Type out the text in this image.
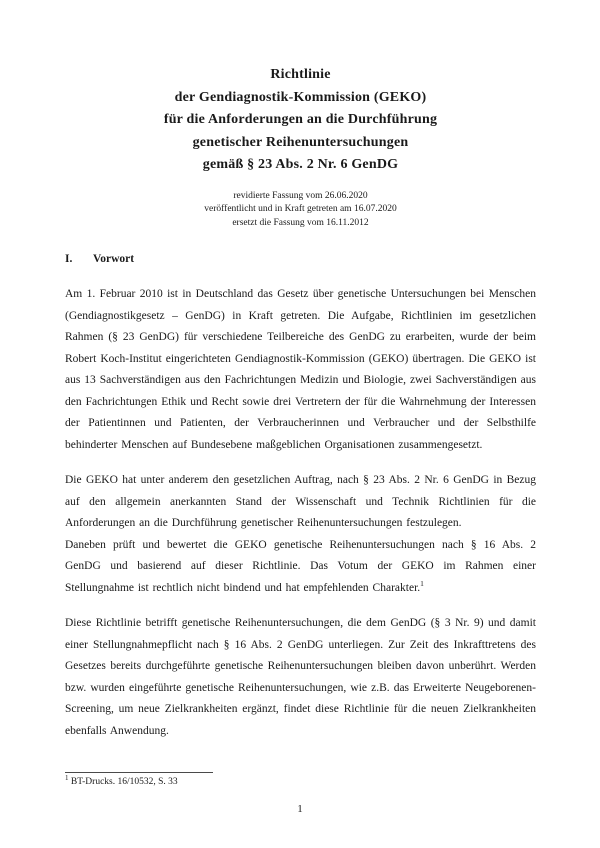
Richtlinie
der Gendiagnostik-Kommission (GEKO)
für die Anforderungen an die Durchführung
genetischer Reihenuntersuchungen
gemäß § 23 Abs. 2 Nr. 6 GenDG
revidierte Fassung vom 26.06.2020
veröffentlicht und in Kraft getreten am 16.07.2020
ersetzt die Fassung vom 16.11.2012
I. Vorwort

Am 1. Februar 2010 ist in Deutschland das Gesetz über genetische Untersuchungen bei Menschen (Gendiagnostikgesetz – GenDG) in Kraft getreten. Die Aufgabe, Richtlinien im gesetzlichen Rahmen (§ 23 GenDG) für verschiedene Teilbereiche des GenDG zu erarbeiten, wurde der beim Robert Koch-Institut eingerichteten Gendiagnostik-Kommission (GEKO) übertragen. Die GEKO ist aus 13 Sachverständigen aus den Fachrichtungen Medizin und Biologie, zwei Sachverständigen aus den Fachrichtungen Ethik und Recht sowie drei Vertretern der für die Wahrnehmung der Interessen der Patientinnen und Patienten, der Verbraucherinnen und Verbraucher und der Selbsthilfe behinderter Menschen auf Bundesebene maßgeblichen Organisationen zusammengesetzt.

Die GEKO hat unter anderem den gesetzlichen Auftrag, nach § 23 Abs. 2 Nr. 6 GenDG in Bezug auf den allgemein anerkannten Stand der Wissenschaft und Technik Richtlinien für die Anforderungen an die Durchführung genetischer Reihenuntersuchungen festzulegen.
Daneben prüft und bewertet die GEKO genetische Reihenuntersuchungen nach § 16 Abs. 2 GenDG und basierend auf dieser Richtlinie. Das Votum der GEKO im Rahmen einer Stellungnahme ist rechtlich nicht bindend und hat empfehlenden Charakter.$^1$

Diese Richtlinie betrifft genetische Reihenuntersuchungen, die dem GenDG (§ 3 Nr. 9) und damit einer Stellungnahmepflicht nach § 16 Abs. 2 GenDG unterliegen. Zur Zeit des Inkrafttretens des Gesetzes bereits durchgeführte genetische Reihenuntersuchungen bleiben davon unberührt. Werden bzw. wurden eingeführte genetische Reihenuntersuchungen, wie z.B. das Erweiterte Neugeborenen-Screening, um neue Zielkrankheiten ergänzt, findet diese Richtlinie für die neuen Zielkrankheiten ebenfalls Anwendung.

$^1$ BT-Drucks. 16/10532, S. 33
1
